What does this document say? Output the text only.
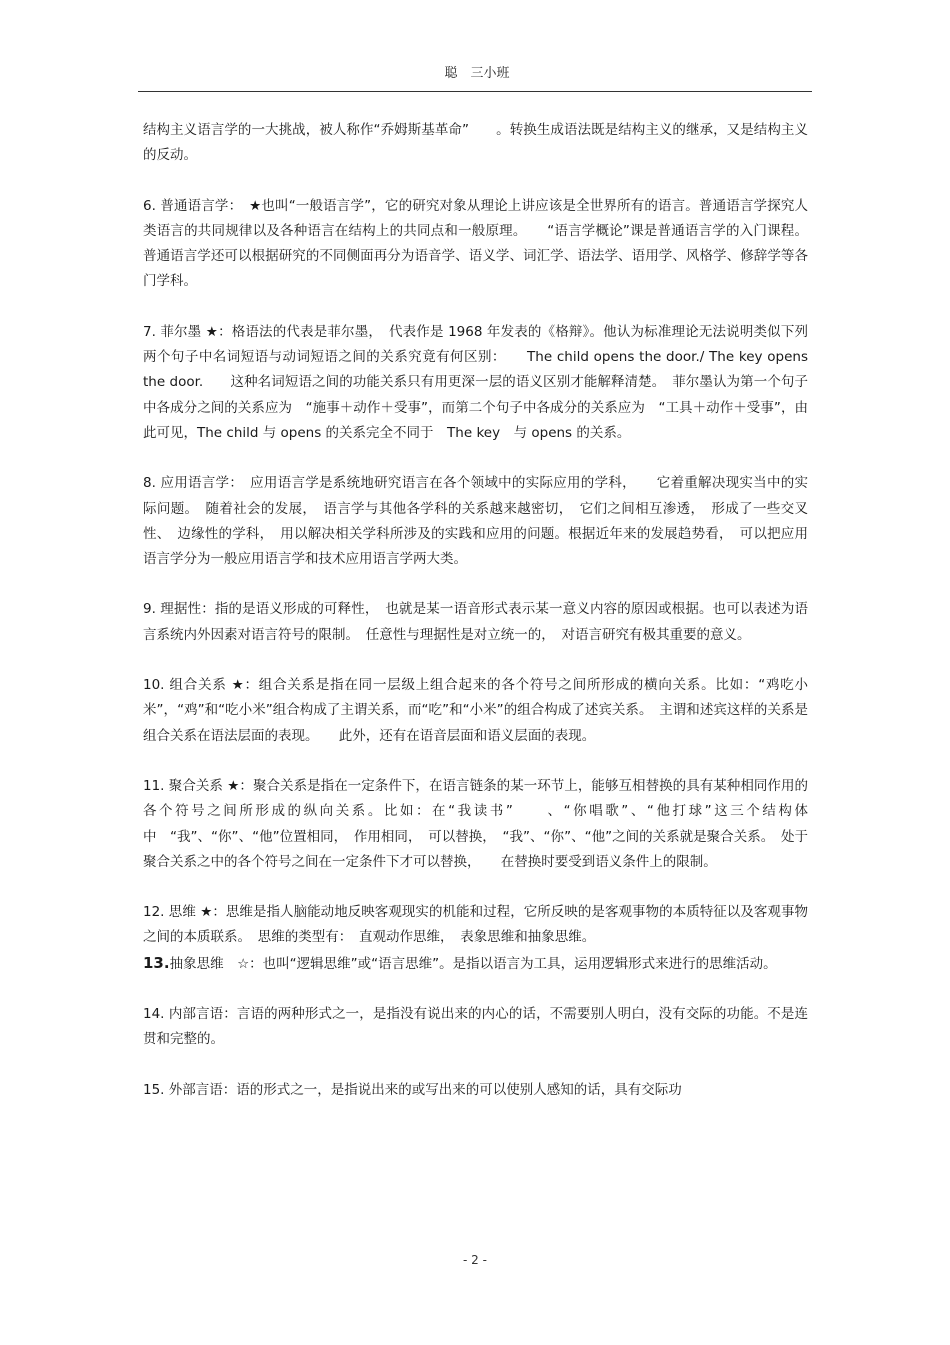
聪　三小班

结构主义语言学的一大挑战，被人称作“乔姆斯基革命”　　。转换生成语法既是结构主义的继承，又是结构主义的反动。

6. 普通语言学：　★也叫“一般语言学”，它的研究对象从理论上讲应该是全世界所有的语言。普通语言学探究人类语言的共同规律以及各种语言在结构上的共同点和一般原理。　　“语言学概论”课是普通语言学的入门课程。普通语言学还可以根据研究的不同侧面再分为语音学、语义学、词汇学、语法学、语用学、风格学、修辞学等各门学科。

7. 菲尔墨 ★：格语法的代表是菲尔墨，　代表作是 1968 年发表的《格辩》。他认为标准理论无法说明类似下列两个句子中名词短语与动词短语之间的关系究竟有何区别：　　The child opens the door./ The key opens the door.　　这种名词短语之间的功能关系只有用更深一层的语义区别才能解释清楚。　菲尔墨认为第一个句子中各成分之间的关系应为　“施事＋动作＋受事”，而第二个句子中各成分的关系应为　“工具＋动作＋受事”，由此可见，The child 与 opens 的关系完全不同于　The key　与 opens 的关系。

8. 应用语言学：　应用语言学是系统地研究语言在各个领域中的实际应用的学科，　　它着重解决现实当中的实际问题。　随着社会的发展，　语言学与其他各学科的关系越来越密切，　它们之间相互渗透，　形成了一些交叉性、　边缘性的学科，　用以解决相关学科所涉及的实践和应用的问题。根据近年来的发展趋势看，　可以把应用语言学分为一般应用语言学和技术应用语言学两大类。

9. 理据性：指的是语义形成的可释性，　也就是某一语音形式表示某一意义内容的原因或根据。也可以表述为语言系统内外因素对语言符号的限制。　任意性与理据性是对立统一的，　对语言研究有极其重要的意义。

10. 组合关系 ★：组合关系是指在同一层级上组合起来的各个符号之间所形成的横向关系。比如：“鸡吃小米”，“鸡”和“吃小米”组合构成了主谓关系，而“吃”和“小米”的组合构成了述宾关系。　主谓和述宾这样的关系是组合关系在语法层面的表现。　　此外，还有在语音层面和语义层面的表现。

11. 聚合关系 ★：聚合关系是指在一定条件下，在语言链条的某一环节上，能够互相替换的具有某种相同作用的各个符号之间所形成的纵向关系。比如：在“我读书”　　、“你唱歌”、“他打球”这三个结构体中　“我”、“你”、“他”位置相同，　作用相同，　可以替换，　“我”、“你”、“他”之间的关系就是聚合关系。　处于聚合关系之中的各个符号之间在一定条件下才可以替换，　　在替换时要受到语义条件上的限制。

12. 思维 ★：思维是指人脑能动地反映客观现实的机能和过程，它所反映的是客观事物的本质特征以及客观事物之间的本质联系。　思维的类型有：　直观动作思维，　表象思维和抽象思维。

13.抽象思维　☆：也叫“逻辑思维”或“语言思维”。是指以语言为工具，运用逻辑形式来进行的思维活动。

14. 内部言语：言语的两种形式之一，是指没有说出来的内心的话，不需要别人明白，没有交际的功能。不是连贯和完整的。

15. 外部言语：语的形式之一，是指说出来的或写出来的可以使别人感知的话，具有交际功

- 2 -
